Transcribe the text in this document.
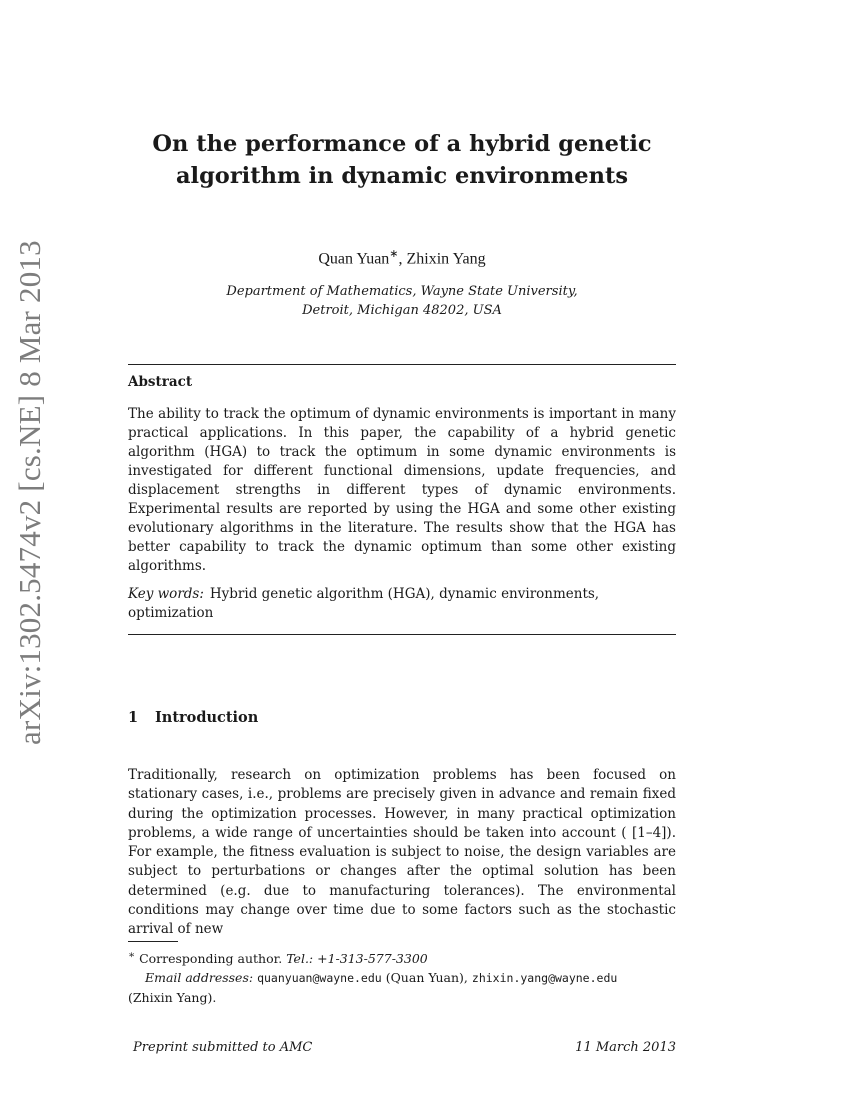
arXiv:1302.5474v2 [cs.NE] 8 Mar 2013
On the performance of a hybrid genetic
algorithm in dynamic environments
Quan Yuan∗, Zhixin Yang
Department of Mathematics, Wayne State University,
Detroit, Michigan 48202, USA
Abstract
The ability to track the optimum of dynamic environments is important in many practical applications. In this paper, the capability of a hybrid genetic algorithm (HGA) to track the optimum in some dynamic environments is investigated for different functional dimensions, update frequencies, and displacement strengths in different types of dynamic environments. Experimental results are reported by using the HGA and some other existing evolutionary algorithms in the literature. The results show that the HGA has better capability to track the dynamic optimum than some other existing algorithms.
Key words: Hybrid genetic algorithm (HGA), dynamic environments, optimization
1 Introduction
Traditionally, research on optimization problems has been focused on stationary cases, i.e., problems are precisely given in advance and remain fixed during the optimization processes. However, in many practical optimization problems, a wide range of uncertainties should be taken into account ( [1–4]). For example, the fitness evaluation is subject to noise, the design variables are subject to perturbations or changes after the optimal solution has been determined (e.g. due to manufacturing tolerances). The environmental conditions may change over time due to some factors such as the stochastic arrival of new
∗ Corresponding author. Tel.: +1-313-577-3300
Email addresses: quanyuan@wayne.edu (Quan Yuan), zhixin.yang@wayne.edu
(Zhixin Yang).
Preprint submitted to AMC	11 March 2013
